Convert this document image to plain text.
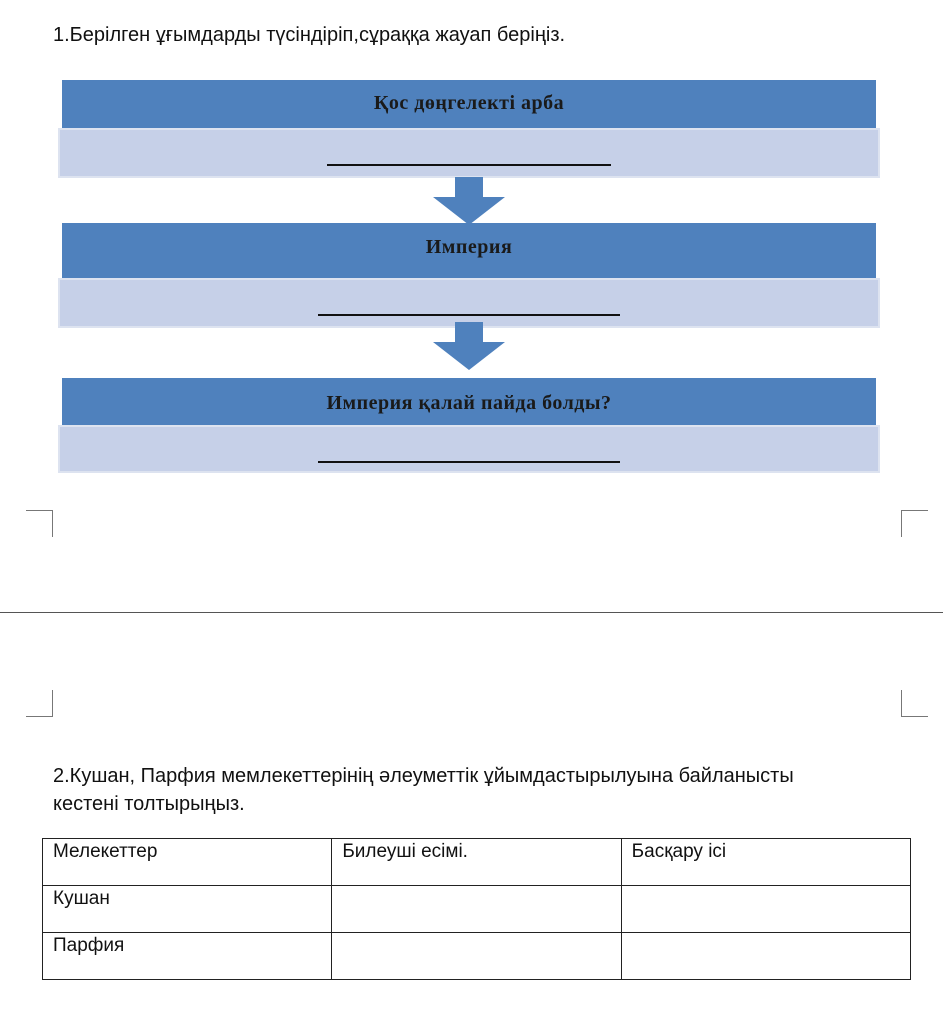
1.Берілген ұғымдарды түсіндіріп,сұраққа жауап беріңіз.
Қос дөңгелекті арба
Империя
Империя қалай пайда болды?
2.Кушан, Парфия мемлекеттерінің әлеуметтік ұйымдастырылуына байланысты
кестені толтырыңыз.
Мелекеттер	Билеуші есімі.	Басқару ісі
Кушан		
Парфия		
